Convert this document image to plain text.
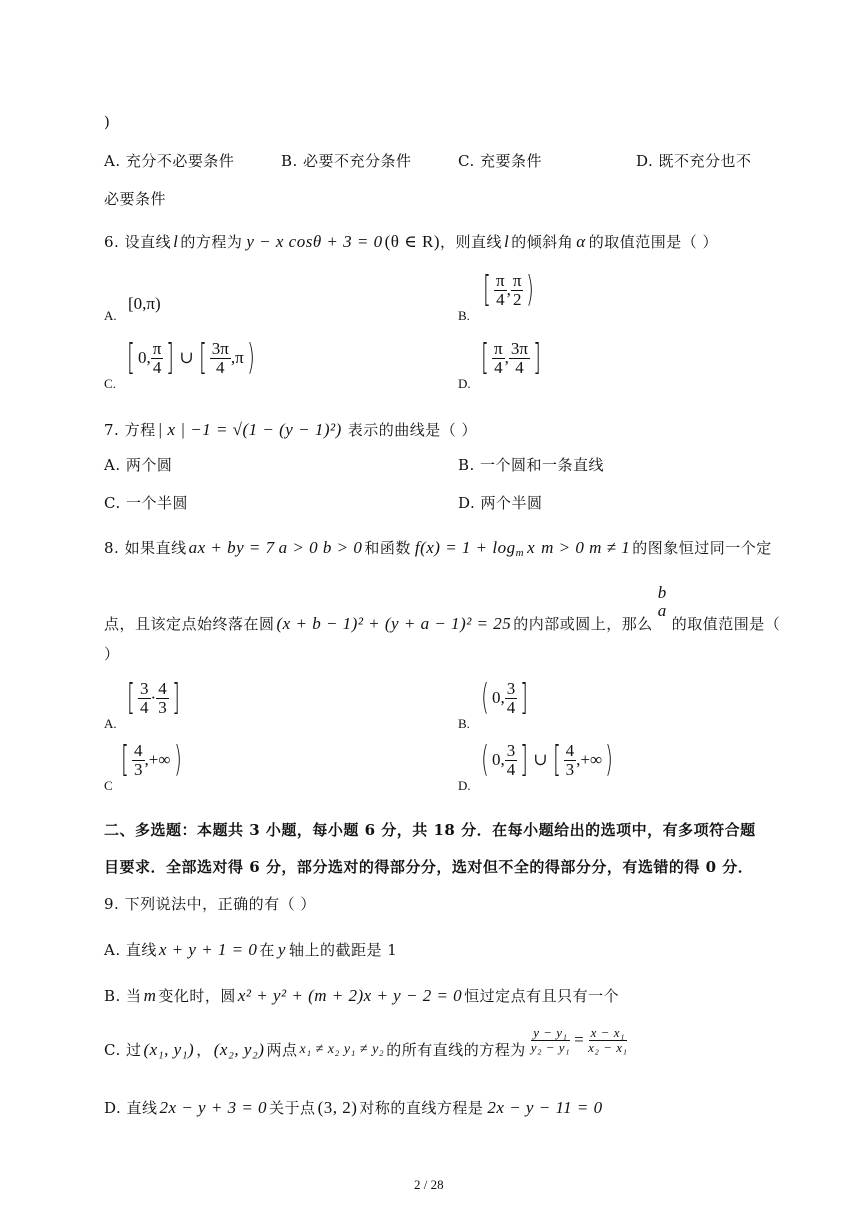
)
A. 充分不必要条件	B. 必要不充分条件	C. 充要条件	D. 既不充分也不
必要条件
6. 设直线 l 的方程为 y − x cosθ + 3 = 0 (θ ∈ R) ，则直线 l 的倾斜角 α 的取值范围是（ ）
A.
[0,π)
B.
[ $\frac{\pi}{4}$ , $\frac{\pi}{2}$ )
C.
[ 0 , $\frac{\pi}{4}$ ] ∪ [ $\frac{3\pi}{4}$ , π )
D.
[ $\frac{\pi}{4}$ , $\frac{3\pi}{4}$ ]
7. 方程 | x | −1 = √(1 − (y − 1)²) 表示的曲线是（ ）
A. 两个圆	B. 一个圆和一条直线
C. 一个半圆	D. 两个半圆
8. 如果直线 ax + by = 7 a > 0 b > 0 和函数 f(x) = 1 + log m x m > 0 m ≠ 1 的图象恒过同一个定
点，且该定点始终落在圆 (x + b − 1)² + (y + a − 1)² = 25 的内部或圆上，那么
b
a
的取值范围是（
）
A.
[ $\frac{3}{4} \cdot \frac{4}{3}$ ]
B.
( 0 , $\frac{3}{4}$ ]
C
[ $\frac{4}{3}$ , +∞ )
D.
( 0 , $\frac{3}{4}$ ] ∪ [ $\frac{4}{3}$ , +∞ )
二、多选题：本题共 3 小题，每小题 6 分，共 18 分．在每小题给出的选项中，有多项符合题
目要求．全部选对得 6 分，部分选对的得部分分，选对但不全的得部分分，有选错的得 0 分．
9. 下列说法中，正确的有（ ）
A. 直线 x + y + 1 = 0 在 y 轴上的截距是 1
B. 当 m 变化时，圆 x² + y² + (m + 2)x + y − 2 = 0 恒过定点有且只有一个
C. 过 (x₁, y₁) ， (x₂, y₂) 两点 x₁ ≠ x₂ y₁ ≠ y₂ 的所有直线的方程为 $\frac{\text{y − y₁}}{\text{y₂ − y₁}} = \frac{\text{x − x₁}}{\text{x₂ − x₁}}$
D. 直线 2x − y + 3 = 0 关于点 (3, 2) 对称的直线方程是 2x − y − 11 = 0
2 / 28
